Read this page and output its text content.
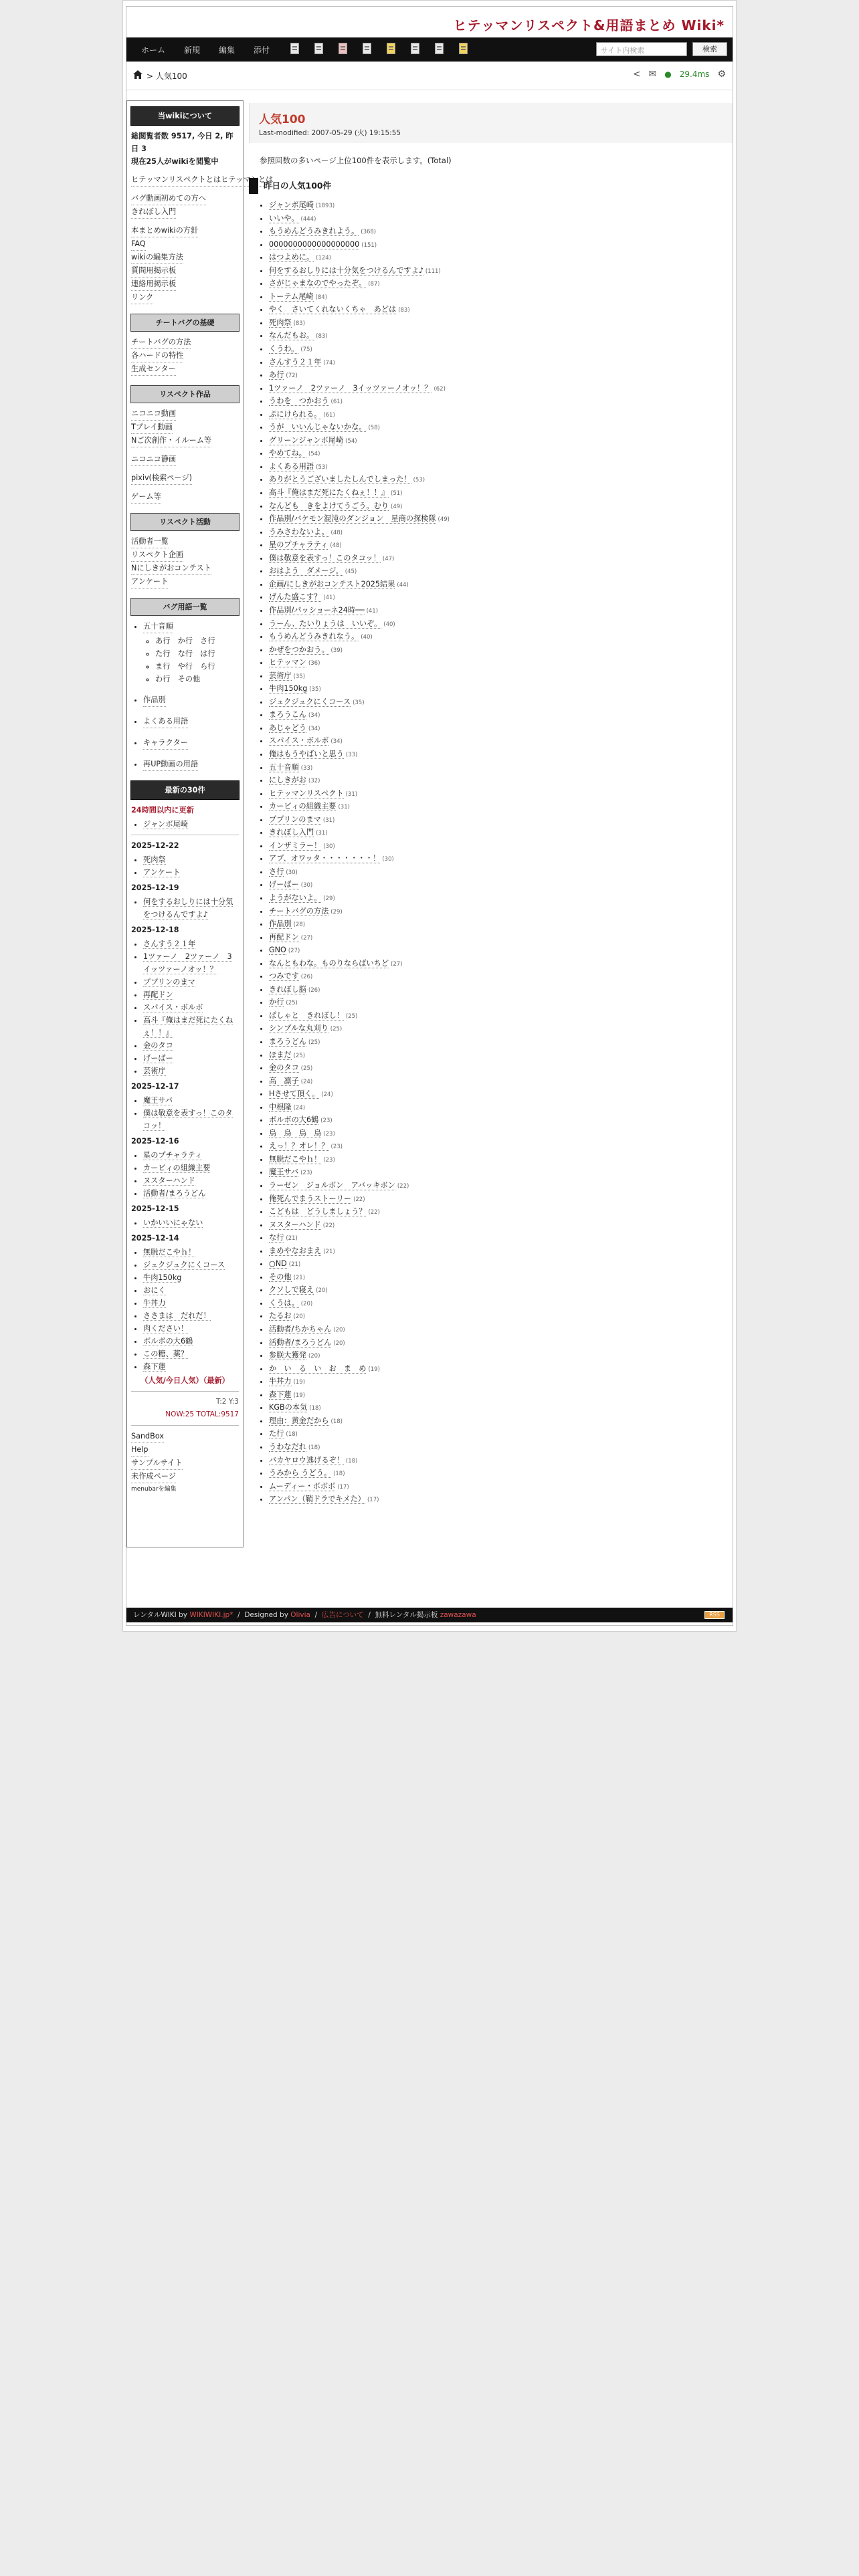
ヒテッマンリスペクト&用語まとめ Wiki*
ホーム 新規 編集 添付	サイト内検索	検索
> 人気100	< ✉ ● 29.4ms ⚙
当wikiについて

総閲覧者数 9517, 今日 2, 昨日 3

現在25人がwikiを閲覧中

ヒテッマンリスペクトとはヒテッマンとは

バグ動画初めての方へ
きれぼし入門

本まとめwikiの方針
FAQ
wikiの編集方法
質問用掲示板
連絡用掲示板
リンク

チートバグの基礎
チートバグの方法
各ハードの特性
生成センター
リスペクト作品

ニコニコ動画
Tプレイ動画
Nご次創作・イルーム等

ニコニコ静画

pixiv(検索ページ)

ゲーム等

リスペクト活動
活動者一覧
リスペクト企画
Nにしきがおコンテスト
アンケート
バグ用語一覧
• 五十音順
◦ あ行　か行　さ行
◦ た行　な行　は行
◦ ま行　や行　ら行
◦ わ行　その他
• 作品別
• よくある用語
• キャラクター
• 再UP動画の用語
最新の30件
24時間以内に更新
• ジャンボ尾崎
2025-12-22
• 死肉祭
• アンケート
2025-12-19
• 何をするおしりには十分気をつけるんですよ♪
2025-12-18
• さんすう２１年
• 1ツァーノ　2ツァーノ　3イッツァーノオッ！？
• ププリンのまマ
• 再配ドン
• スパイス・ボルボ
• 高斗『俺はまだ死にたくねぇ！！』
• 金のタコ
• げーぱー
• 芸術庁
2025-12-17
• 魔王サバ
• 僕は敬意を表すっ！このタコッ！
2025-12-16
• 星のプチャラティ
• カービィの組織主要
• ヌスターハンド
• 活動者/まろうどん
2025-12-15
• いかいいにゃない
2025-12-14
• 無脱だこやｈ！
• ジュクジュクにくコース
• 牛肉150kg
• おにく
• 牛丼力
• ささまは　だれだ！
• 肉ください！
• ボルボの大6鶴
• この糖、薬？
• 森下蓮
（人気/今日人気）（最新）
T:2 Y:3
NOW:25 TOTAL:9517
SandBox
Help
サンプルサイト
未作成ページ
menubarを編集
人気100
Last-modified: 2007-05-29 (火) 19:15:55
参照回数の多いページ上位100件を表示します。(Total)
昨日の人気100件
• ジャンボ尾崎 (1893)
• いいや。 (444)
• もうめんどうみきれよう。 (368)
• 0000000000000000000 (151)
• はつよめに。 (124)
• 何をするおしりには十分気をつけるんですよ♪ (111)
• さがじゃまなのでやったぞ。 (87)
• トーテム尾崎 (84)
• やく　さいてくれないくちゃ　あどは (83)
• 死肉祭 (83)
• なんだもお。 (83)
• くうわ。 (75)
• さんすう２１年 (74)
• あ行 (72)
• 1ツァーノ　2ツァーノ　3イッツァーノオッ！？ (62)
• うわを　つかおう (61)
• ぷにけられる。 (61)
• うが　いいんじゃないかな。 (58)
• グリーンジャンボ尾崎 (54)
• やめてね。 (54)
• よくある用語 (53)
• ありがとうございましたしんでしまった！ (53)
• 高斗『俺はまだ死にたくねぇ！！』 (51)
• なんども　きをよけてうごう。むり (49)
• 作品別/バケモン混沌のダンジョン　星商の探検隊 (49)
• うみさわないよ。 (48)
• 星のプチャラティ (48)
• 僕は敬意を表すっ！このタコッ！ (47)
• おはよう　ダメージ。 (45)
• 企画/にしきがおコンテスト2025結果 (44)
• げんた盛こす？ (41)
• 作品別/パッショーネ24時── (41)
• うーん、たいりょうは　いいぞ。 (40)
• もうめんどうみきれなう。 (40)
• かぜをつかおう。 (39)
• ヒテッマン (36)
• 芸術庁 (35)
• 牛肉150kg (35)
• ジュクジュクにくコース (35)
• まろうこん (34)
• あじゃどう (34)
• スパイス・ボルボ (34)
• 俺はもうやばいと思う (33)
• 五十音順 (33)
• にしきがお (32)
• ヒテッマンリスペクト (31)
• カービィの組織主要 (31)
• ププリンのまマ (31)
• きれぼし入門 (31)
• インザミラー！ (30)
• アブ、オワッタ・・・・・・・！ (30)
• さ行 (30)
• げーぱー (30)
• ようがないよ。 (29)
• チートバグの方法 (29)
• 作品別 (28)
• 再配ドン (27)
• GNO (27)
• なんともわな。ものりならばいちど (27)
• つみです (26)
• きれぼし脳 (26)
• か行 (25)
• ぱしゃと　きれぼし！ (25)
• シンプルな丸刈り (25)
• まろうどん (25)
• ほまだ (25)
• 金のタコ (25)
• 高　凛子 (24)
• Hさせて頂く。 (24)
• 中根隆 (24)
• ボルボの大6鶴 (23)
• 鳥　鳥　鳥　鳥 (23)
• えっ！？オレ！？ (23)
• 無脱だこやｈ！ (23)
• 魔王サバ (23)
• ラーゼン　ジョルボン　アバッキボン (22)
• 俺死んでまうストーリー (22)
• こどもは　どうしましょう？ (22)
• ヌスターハンド (22)
• な行 (21)
• まめやなおまえ (21)
• ○ND (21)
• その他 (21)
• クソしで寝え (20)
• くうは。 (20)
• たるお (20)
• 活動者/ちかちゃん (20)
• 活動者/まろうどん (20)
• 参朕大獲発 (20)
• か　い　る　い　お　ま　め (19)
• 牛丼力 (19)
• 森下蓮 (19)
• KGBの本気 (18)
• 理由：黄金だから (18)
• た行 (18)
• うわなだれ (18)
• バカヤロウ逃げるぞ！ (18)
• うみから うどう。 (18)
• ムーディー・ボボボ (17)
• アンパン（鞘ドラでキメた） (17)
レンタルWIKI by WIKIWIKI.jp*  /  Designed by Olivia  /  広告について  /  無料レンタル掲示板 zawazawa	RSS
